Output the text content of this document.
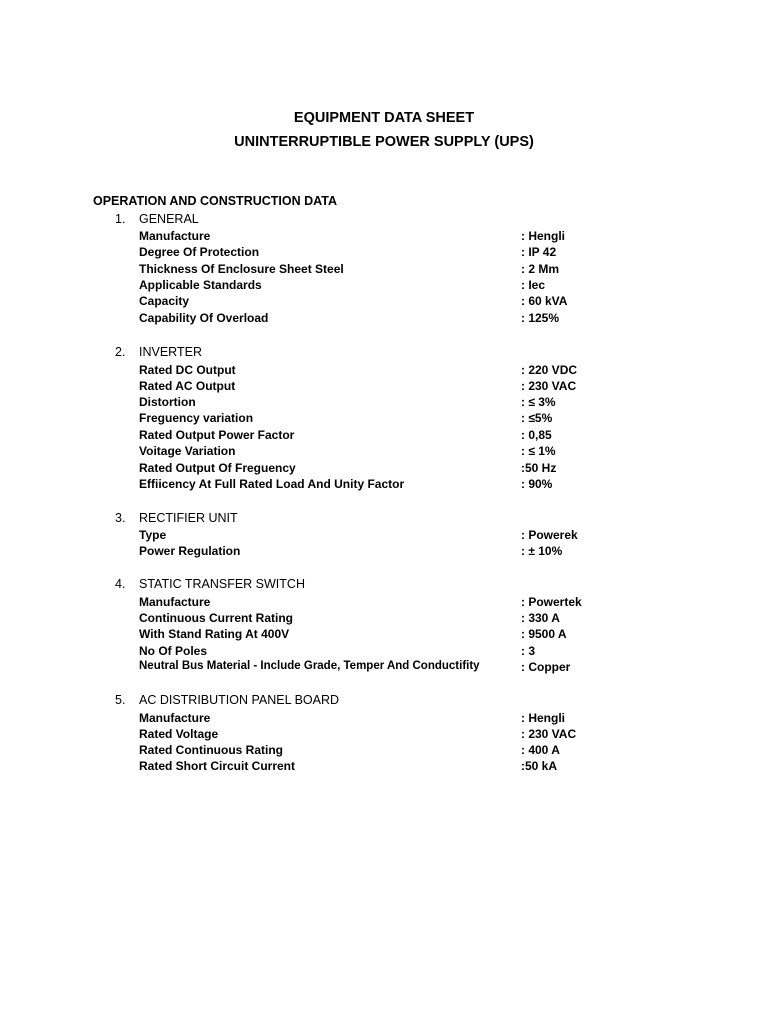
EQUIPMENT DATA SHEET
UNINTERRUPTIBLE POWER SUPPLY (UPS)
OPERATION AND CONSTRUCTION DATA
1. GENERAL
Manufacture	: Hengli
Degree Of Protection	: IP 42
Thickness Of Enclosure Sheet Steel	: 2 Mm
Applicable Standards	: Iec
Capacity	: 60 kVA
Capability Of Overload	: 125%
2. INVERTER
Rated DC Output	: 220 VDC
Rated AC Output	: 230 VAC
Distortion	: ≤ 3%
Freguency variation	: ≤5%
Rated Output Power Factor	: 0,85
Voitage Variation	: ≤ 1%
Rated Output Of Freguency	:50 Hz
Effiicency At Full Rated Load And Unity Factor	: 90%
3. RECTIFIER UNIT
Type	: Powerek
Power Regulation	: ± 10%
4. STATIC TRANSFER SWITCH
Manufacture	: Powertek
Continuous Current Rating	: 330 A
With Stand Rating At 400V	: 9500 A
No Of Poles	: 3
Neutral Bus Material - Include Grade, Temper And Conductifity	: Copper
5. AC DISTRIBUTION PANEL BOARD
Manufacture	: Hengli
Rated Voltage	: 230 VAC
Rated Continuous Rating	: 400 A
Rated Short Circuit Current	:50 kA
